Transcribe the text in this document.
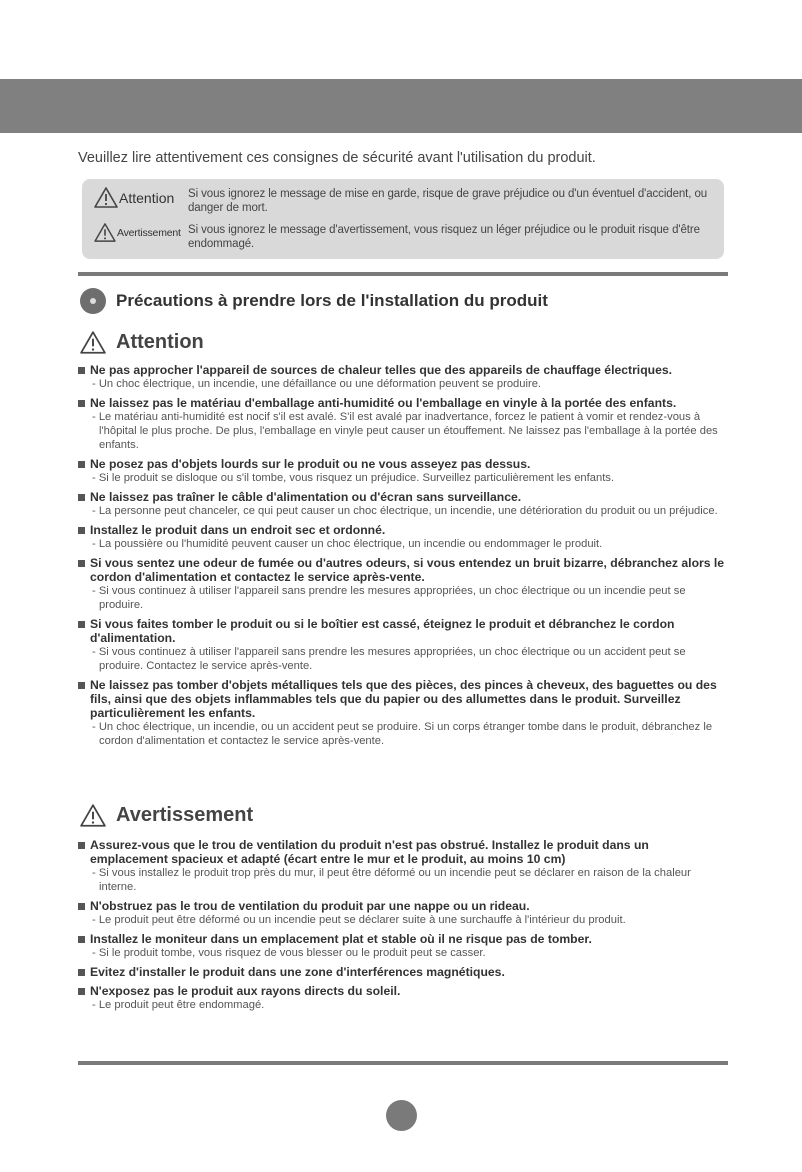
Veuillez lire attentivement ces consignes de sécurité avant l'utilisation du produit.
Attention Si vous ignorez le message de mise en garde, risque de grave préjudice ou d'un éventuel d'accident, ou danger de mort.
Avertissement Si vous ignorez le message d'avertissement, vous risquez un léger préjudice ou le produit risque d'être endommagé.
Précautions à prendre lors de l'installation du produit
Attention
Ne pas approcher l'appareil de sources de chaleur telles que des appareils de chauffage électriques.
- Un choc électrique, un incendie, une défaillance ou une déformation peuvent se produire.
Ne laissez pas le matériau d'emballage anti-humidité ou l'emballage en vinyle à la portée des enfants.
- Le matériau anti-humidité est nocif s'il est avalé. S'il est avalé par inadvertance, forcez le patient à vomir et rendez-vous à l'hôpital le plus proche. De plus, l'emballage en vinyle peut causer un étouffement. Ne laissez pas l'emballage à la portée des enfants.
Ne posez pas d'objets lourds sur le produit ou ne vous asseyez pas dessus.
- Si le produit se disloque ou s'il tombe, vous risquez un préjudice. Surveillez particulièrement les enfants.
Ne laissez pas traîner le câble d'alimentation ou d'écran sans surveillance.
- La personne peut chanceler, ce qui peut causer un choc électrique, un incendie, une détérioration du produit ou un préjudice.
Installez le produit dans un endroit sec et ordonné.
- La poussière ou l'humidité peuvent causer un choc électrique, un incendie ou endommager le produit.
Si vous sentez une odeur de fumée ou d'autres odeurs, si vous entendez un bruit bizarre, débranchez alors le cordon d'alimentation et contactez le service après-vente.
- Si vous continuez à utiliser l'appareil sans prendre les mesures appropriées, un choc électrique ou un incendie peut se produire.
Si vous faites tomber le produit ou si le boîtier est cassé, éteignez le produit et débranchez le cordon d'alimentation.
- Si vous continuez à utiliser l'appareil sans prendre les mesures appropriées, un choc électrique ou un accident peut se produire. Contactez le service après-vente.
Ne laissez pas tomber d'objets métalliques tels que des pièces, des pinces à cheveux, des baguettes ou des fils, ainsi que des objets inflammables tels que du papier ou des allumettes dans le produit. Surveillez particulièrement les enfants.
- Un choc électrique, un incendie, ou un accident peut se produire. Si un corps étranger tombe dans le produit, débranchez le cordon d'alimentation et contactez le service après-vente.
Avertissement
Assurez-vous que le trou de ventilation du produit n'est pas obstrué. Installez le produit dans un emplacement spacieux et adapté (écart entre le mur et le produit, au moins 10 cm)
- Si vous installez le produit trop près du mur, il peut être déformé ou un incendie peut se déclarer en raison de la chaleur interne.
N'obstruez pas le trou de ventilation du produit par une nappe ou un rideau.
- Le produit peut être déformé ou un incendie peut se déclarer suite à une surchauffe à l'intérieur du produit.
Installez le moniteur dans un emplacement plat et stable où il ne risque pas de tomber.
- Si le produit tombe, vous risquez de vous blesser ou le produit peut se casser.
Evitez d'installer le produit dans une zone d'interférences magnétiques.
N'exposez pas le produit aux rayons directs du soleil.
- Le produit peut être endommagé.
